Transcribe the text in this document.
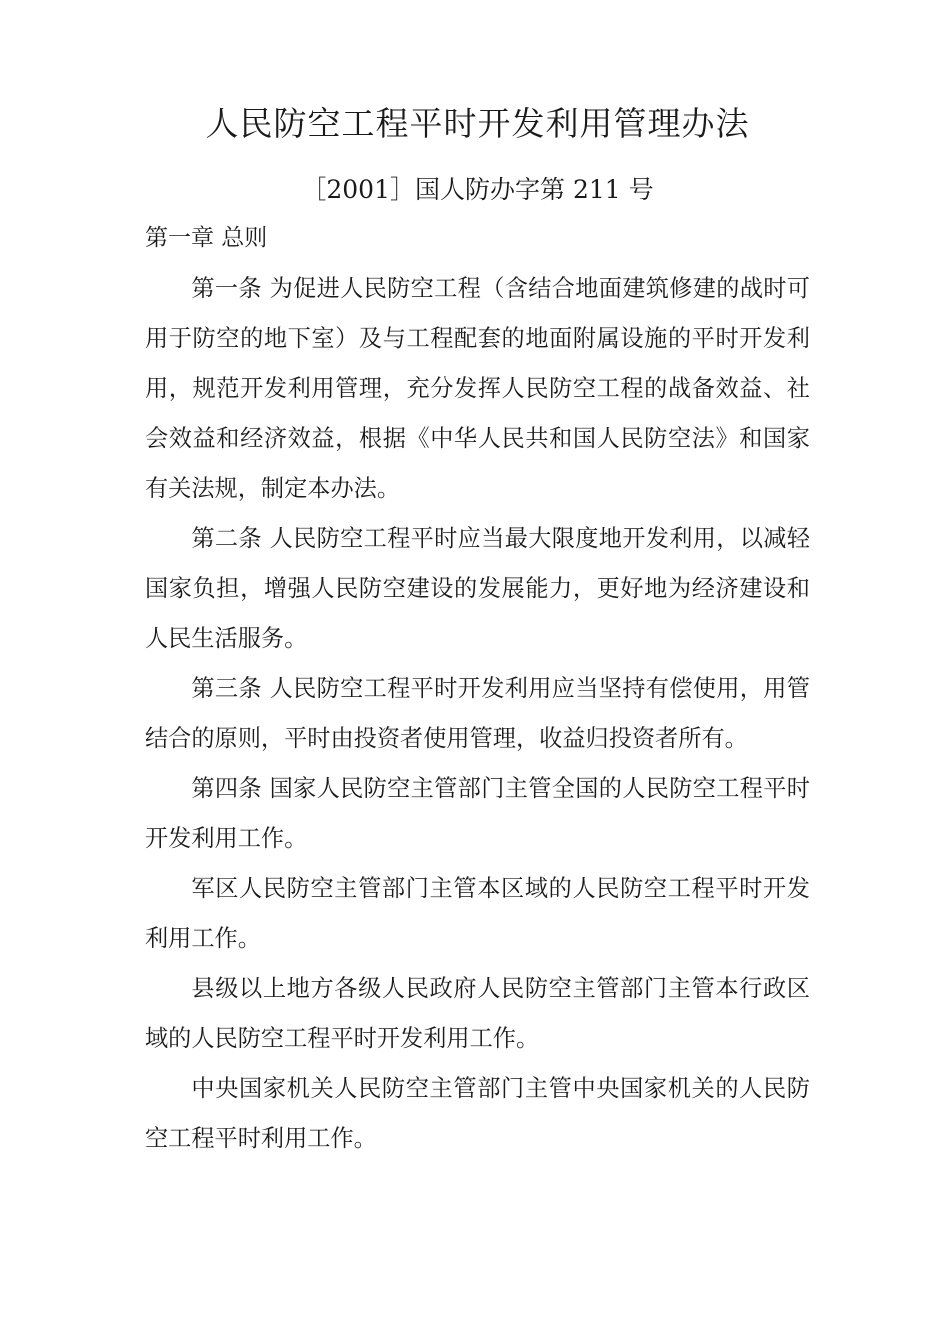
人民防空工程平时开发利用管理办法
［2001］国人防办字第 211 号
第一章 总则

第一条 为促进人民防空工程（含结合地面建筑修建的战时可用于防空的地下室）及与工程配套的地面附属设施的平时开发利用，规范开发利用管理，充分发挥人民防空工程的战备效益、社会效益和经济效益，根据《中华人民共和国人民防空法》和国家有关法规，制定本办法。

第二条 人民防空工程平时应当最大限度地开发利用，以减轻国家负担，增强人民防空建设的发展能力，更好地为经济建设和人民生活服务。

第三条 人民防空工程平时开发利用应当坚持有偿使用，用管结合的原则，平时由投资者使用管理，收益归投资者所有。

第四条 国家人民防空主管部门主管全国的人民防空工程平时开发利用工作。

军区人民防空主管部门主管本区域的人民防空工程平时开发利用工作。

县级以上地方各级人民政府人民防空主管部门主管本行政区域的人民防空工程平时开发利用工作。

中央国家机关人民防空主管部门主管中央国家机关的人民防空工程平时利用工作。
